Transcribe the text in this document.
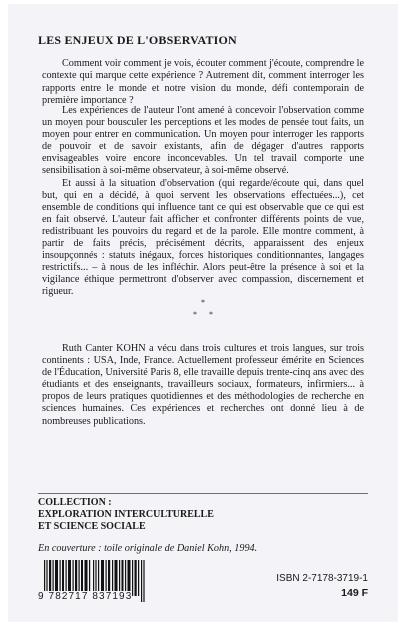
LES ENJEUX DE L'OBSERVATION

Comment voir comment je vois, écouter comment j'écoute, comprendre le contexte qui marque cette expérience ? Autrement dit, comment interroger les rapports entre le monde et notre vision du monde, défi contemporain de première importance ?

Les expériences de l'auteur l'ont amené à concevoir l'observation comme un moyen pour bousculer les perceptions et les modes de pensée tout faits, un moyen pour entrer en communication. Un moyen pour interroger les rapports de pouvoir et de savoir existants, afin de dégager d'autres rapports envisageables voire encore inconcevables. Un tel travail comporte une sensibilisation à soi-même observateur, à soi-même observé.

Et aussi à la situation d'observation (qui regarde/écoute qui, dans quel but, qui en a décidé, à quoi servent les observations effectuées...), cet ensemble de conditions qui influence tant ce qui est observable que ce qui est en fait observé. L'auteur fait afficher et confronter différents points de vue, redistribuant les pouvoirs du regard et de la parole. Elle montre comment, à partir de faits précis, précisément décrits, apparaissent des enjeux insoupçonnés : statuts inégaux, forces historiques conditionnantes, langages restrictifs... – à nous de les infléchir. Alors peut-être la présence à soi et la vigilance éthique permettront d'observer avec compassion, discernement et rigueur.

*
*      *

Ruth Canter KOHN a vécu dans trois cultures et trois langues, sur trois continents : USA, Inde, France. Actuellement professeur émérite en Sciences de l'Éducation, Université Paris 8, elle travaille depuis trente-cinq ans avec des étudiants et des enseignants, travailleurs sociaux, formateurs, infirmiers... à propos de leurs pratiques quotidiennes et des méthodologies de recherche en sciences humaines. Ces expériences et recherches ont donné lieu à de nombreuses publications.

COLLECTION :
EXPLORATION INTERCULTURELLE
ET SCIENCE SOCIALE
En couverture : toile originale de Daniel Kohn, 1994.
9 782717 837193
ISBN 2-7178-3719-1
149 F
